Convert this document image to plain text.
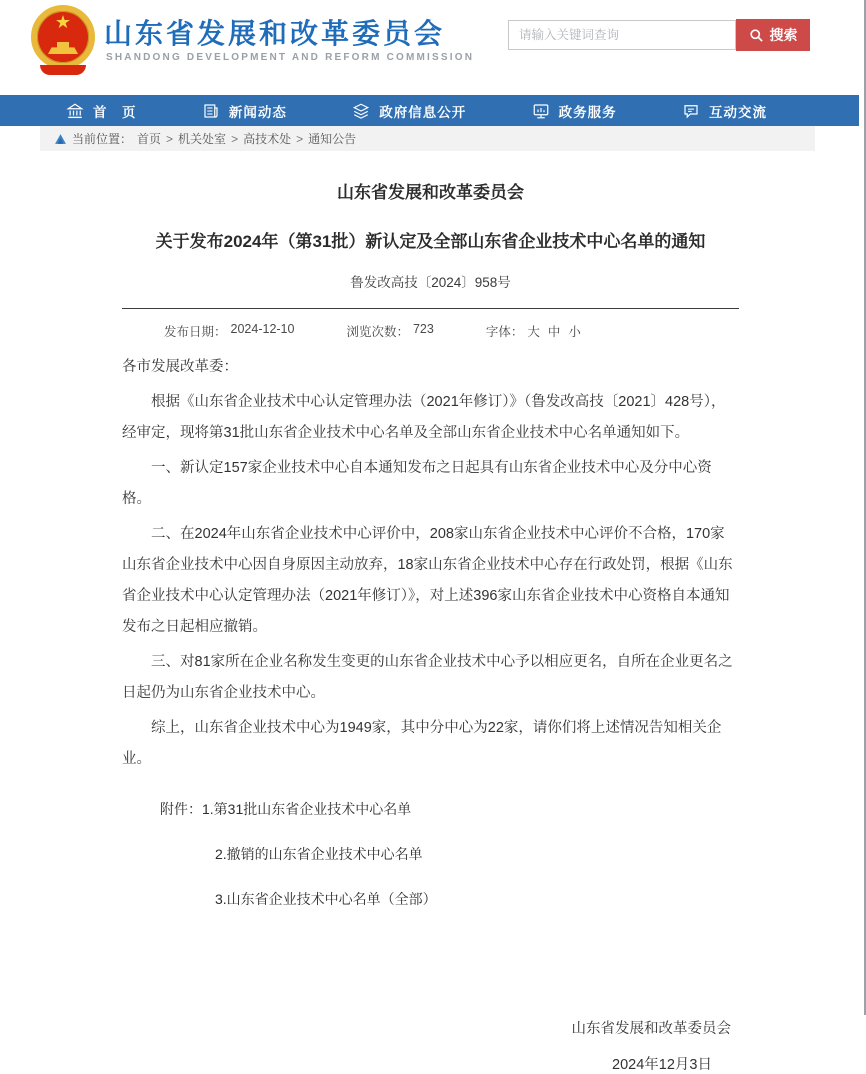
★ 山东省发展和改革委员会
SHANDONG DEVELOPMENT AND REFORM COMMISSION
请输入关键词查询
搜索
首　页	新闻动态	政府信息公开	政务服务	互动交流
当前位置： 首页 > 机关处室 > 高技术处 > 通知公告
山东省发展和改革委员会
关于发布2024年（第31批）新认定及全部山东省企业技术中心名单的通知
鲁发改高技〔2024〕958号
发布日期： 2024-12-10	浏览次数： 723	字体： 大 中 小

各市发展改革委：

根据《山东省企业技术中心认定管理办法（2021年修订）》（鲁发改高技〔2021〕428号），经审定，现将第31批山东省企业技术中心名单及全部山东省企业技术中心名单通知如下。

一、新认定157家企业技术中心自本通知发布之日起具有山东省企业技术中心及分中心资格。

二、在2024年山东省企业技术中心评价中，208家山东省企业技术中心评价不合格，170家山东省企业技术中心因自身原因主动放弃，18家山东省企业技术中心存在行政处罚，根据《山东省企业技术中心认定管理办法（2021年修订）》，对上述396家山东省企业技术中心资格自本通知发布之日起相应撤销。

三、对81家所在企业名称发生变更的山东省企业技术中心予以相应更名，自所在企业更名之日起仍为山东省企业技术中心。

综上，山东省企业技术中心为1949家，其中分中心为22家，请你们将上述情况告知相关企业。

附件： 1.第31批山东省企业技术中心名单
2.撤销的山东省企业技术中心名单
3.山东省企业技术中心名单（全部）
山东省发展和改革委员会
2024年12月3日
